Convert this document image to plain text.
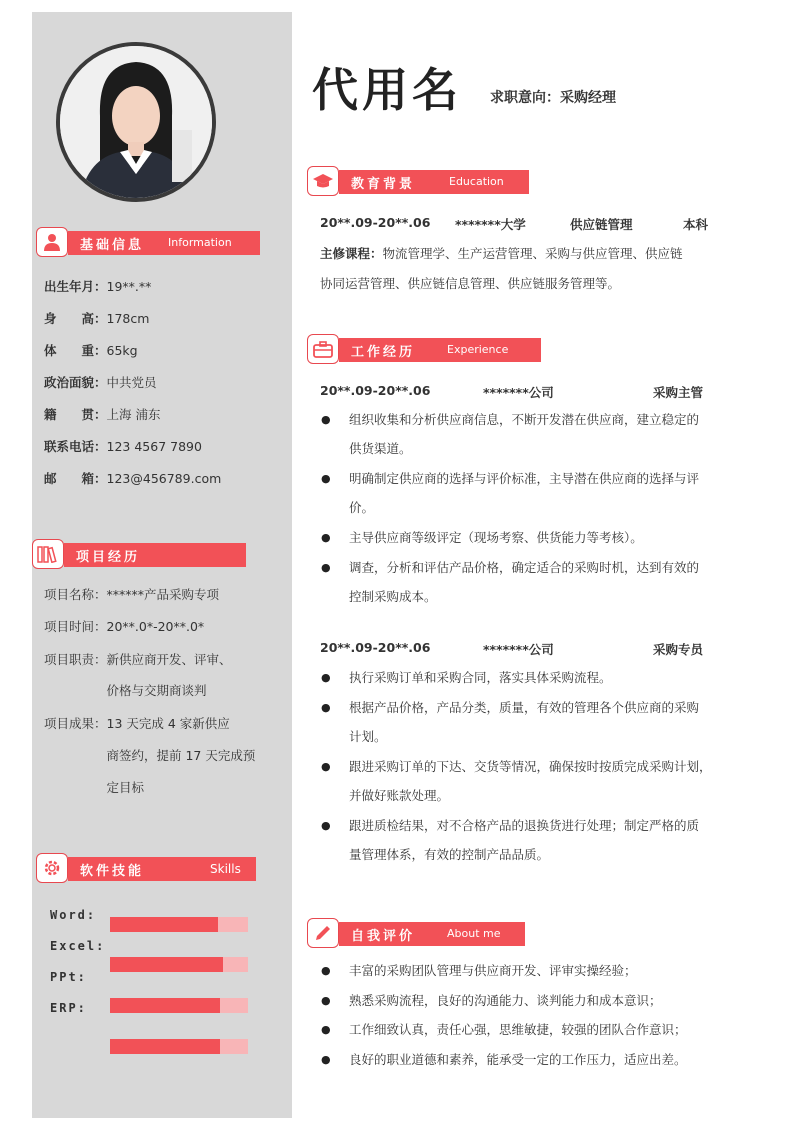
基础信息 Information
出生年月：19**.**
身　　高：178cm
体　　重：65kg
政治面貌：中共党员
籍　　贯：上海 浦东
联系电话：123 4567 7890
邮　　箱：123@456789.com
项目经历
项目名称：******产品采购专项
项目时间：20**.0*-20**.0*
项目职责：新供应商开发、评审、
　　　　　价格与交期商谈判
项目成果：13 天完成 4 家新供应
　　　　　商签约，提前 17 天完成预
　　　　　定目标
软件技能	Skills
Word:
Excel:
PPt:
ERP:
代用名 求职意向：采购经理
教育背景	Education
20**.09-20**.06 *******大学	供应链管理	本科
主修课程：物流管理学、生产运营管理、采购与供应管理、供应链
协同运营管理、供应链信息管理、供应链服务管理等。
工作经历	Experience
20**.09-20**.06	*******公司	采购主管
● 组织收集和分析供应商信息，不断开发潜在供应商，建立稳定的
供货渠道。
● 明确制定供应商的选择与评价标准，主导潜在供应商的选择与评
价。
● 主导供应商等级评定（现场考察、供货能力等考核）。
● 调查，分析和评估产品价格，确定适合的采购时机，达到有效的
控制采购成本。
20**.09-20**.06	*******公司	采购专员
● 执行采购订单和采购合同，落实具体采购流程。
● 根据产品价格，产品分类，质量，有效的管理各个供应商的采购
计划。
● 跟进采购订单的下达、交货等情况，确保按时按质完成采购计划，
并做好账款处理。
● 跟进质检结果，对不合格产品的退换货进行处理；制定严格的质
量管理体系，有效的控制产品品质。
自我评价	About me
● 丰富的采购团队管理与供应商开发、评审实操经验；
● 熟悉采购流程，良好的沟通能力、谈判能力和成本意识；
● 工作细致认真，责任心强，思维敏捷，较强的团队合作意识；
● 良好的职业道德和素养，能承受一定的工作压力，适应出差。
